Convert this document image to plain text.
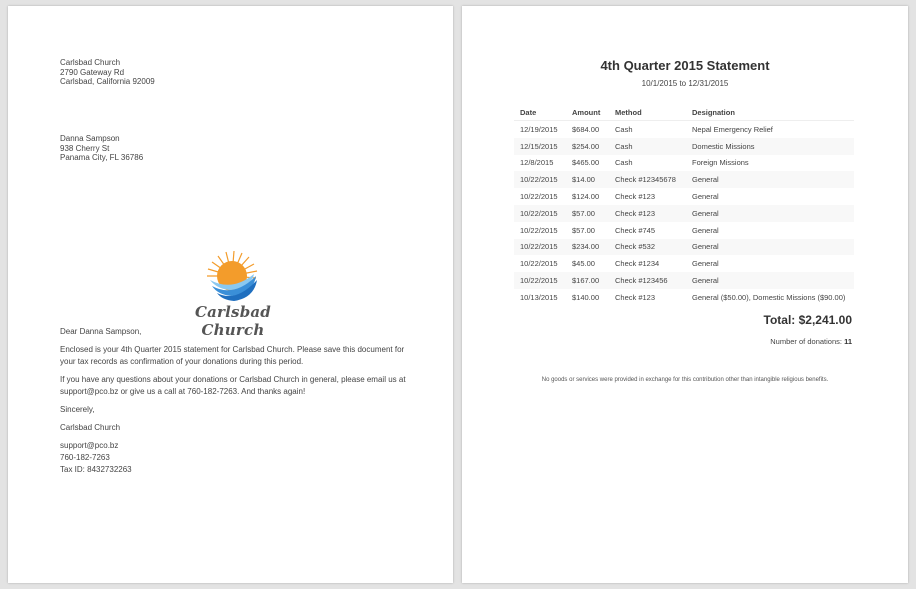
Carlsbad Church
2790 Gateway Rd
Carlsbad, California 92009
Danna Sampson
938 Cherry St
Panama City, FL 36786
Carlsbad Church

Dear Danna Sampson,

Enclosed is your 4th Quarter 2015 statement for Carlsbad Church. Please save this document for your tax records as confirmation of your donations during this period.

If you have any questions about your donations or Carlsbad Church in general, please email us at support@pco.bz or give us a call at 760-182-7263. And thanks again!

Sincerely,

Carlsbad Church

support@pco.bz
760-182-7263
Tax ID: 8432732263
4th Quarter 2015 Statement
10/1/2015 to 12/31/2015
Date	Amount	Method	Designation
12/19/2015	$684.00	Cash	Nepal Emergency Relief
12/15/2015	$254.00	Cash	Domestic Missions
12/8/2015	$465.00	Cash	Foreign Missions
10/22/2015	$14.00	Check #12345678	General
10/22/2015	$124.00	Check #123	General
10/22/2015	$57.00	Check #123	General
10/22/2015	$57.00	Check #745	General
10/22/2015	$234.00	Check #532	General
10/22/2015	$45.00	Check #1234	General
10/22/2015	$167.00	Check #123456	General
10/13/2015	$140.00	Check #123	General ($50.00), Domestic Missions ($90.00)
Total: $2,241.00
Number of donations: 11
No goods or services were provided in exchange for this contribution other than intangible religious benefits.
